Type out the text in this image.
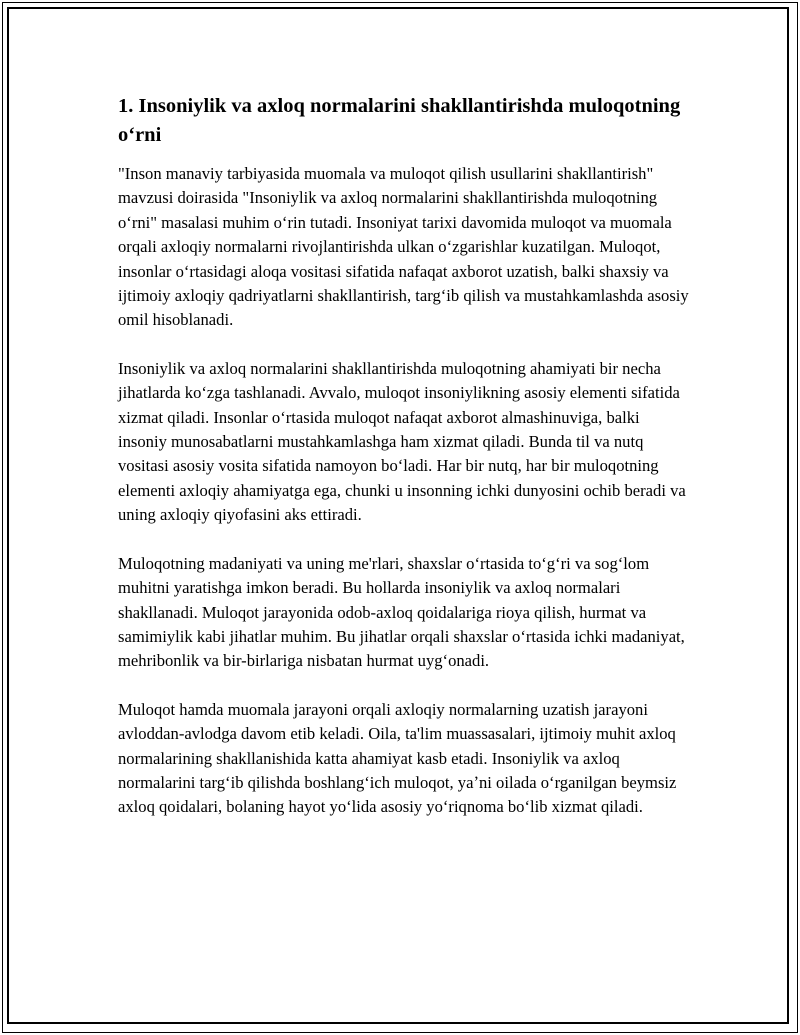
1. Insoniylik va axloq normalarini shakllantirishda muloqotning oʻrni

"Inson manaviy tarbiyasida muomala va muloqot qilish usullarini shakllantirish" mavzusi doirasida "Insoniylik va axloq normalarini shakllantirishda muloqotning oʻrni" masalasi muhim oʻrin tutadi. Insoniyat tarixi davomida muloqot va muomala orqali axloqiy normalarni rivojlantirishda ulkan oʻzgarishlar kuzatilgan. Muloqot, insonlar oʻrtasidagi aloqa vositasi sifatida nafaqat axborot uzatish, balki shaxsiy va ijtimoiy axloqiy qadriyatlarni shakllantirish, targʻib qilish va mustahkamlashda asosiy omil hisoblanadi.

Insoniylik va axloq normalarini shakllantirishda muloqotning ahamiyati bir necha jihatlarda koʻzga tashlanadi. Avvalo, muloqot insoniylikning asosiy elementi sifatida xizmat qiladi. Insonlar oʻrtasida muloqot nafaqat axborot almashinuviga, balki insoniy munosabatlarni mustahkamlashga ham xizmat qiladi. Bunda til va nutq vositasi asosiy vosita sifatida namoyon boʻladi. Har bir nutq, har bir muloqotning elementi axloqiy ahamiyatga ega, chunki u insonning ichki dunyosini ochib beradi va uning axloqiy qiyofasini aks ettiradi.

Muloqotning madaniyati va uning me'rlari, shaxslar oʻrtasida toʻgʻri va sogʻlom muhitni yaratishga imkon beradi. Bu hollarda insoniylik va axloq normalari shakllanadi. Muloqot jarayonida odob-axloq qoidalariga rioya qilish, hurmat va samimiylik kabi jihatlar muhim. Bu jihatlar orqali shaxslar oʻrtasida ichki madaniyat, mehribonlik va bir-birlariga nisbatan hurmat uygʻonadi.

Muloqot hamda muomala jarayoni orqali axloqiy normalarning uzatish jarayoni avloddan-avlodga davom etib keladi. Oila, ta'lim muassasalari, ijtimoiy muhit axloq normalarining shakllanishida katta ahamiyat kasb etadi. Insoniylik va axloq normalarini targʻib qilishda boshlangʻich muloqot, yaʼni oilada oʻrganilgan beymsiz axloq qoidalari, bolaning hayot yoʻlida asosiy yoʻriqnoma boʻlib xizmat qiladi.
